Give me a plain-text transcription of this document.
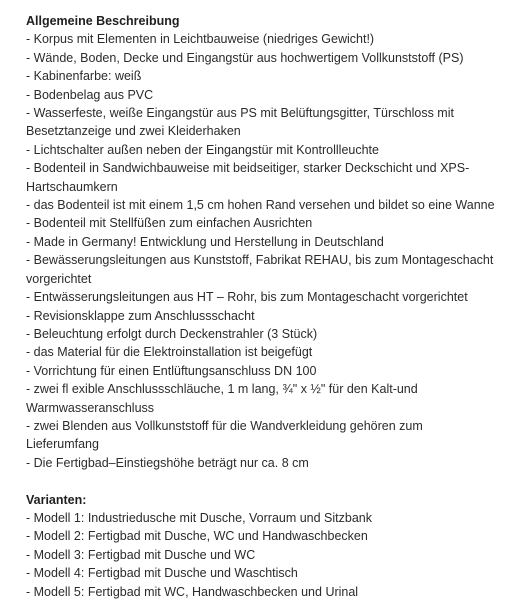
Allgemeine Beschreibung
- Korpus mit Elementen in Leichtbauweise (niedriges Gewicht!)
- Wände, Boden, Decke und Eingangstür aus hochwertigem Vollkunststoff (PS)
- Kabinenfarbe: weiß
- Bodenbelag aus PVC
- Wasserfeste, weiße Eingangstür aus PS mit Belüftungsgitter, Türschloss mit
Besetztanzeige und zwei Kleiderhaken
- Lichtschalter außen neben der Eingangstür mit Kontrollleuchte
- Bodenteil in Sandwichbauweise mit beidseitiger, starker Deckschicht und XPS-
Hartschaumkern
- das Bodenteil ist mit einem 1,5 cm hohen Rand versehen und bildet so eine Wanne
- Bodenteil mit Stellfüßen zum einfachen Ausrichten
- Made in Germany! Entwicklung und Herstellung in Deutschland
- Bewässerungsleitungen aus Kunststoff, Fabrikat REHAU, bis zum Montageschacht
vorgerichtet
- Entwässerungsleitungen aus HT – Rohr, bis zum Montageschacht vorgerichtet
- Revisionsklappe zum Anschlussschacht
- Beleuchtung erfolgt durch Deckenstrahler (3 Stück)
- das Material für die Elektroinstallation ist beigefügt
- Vorrichtung für einen Entlüftungsanschluss DN 100
- zwei fl exible Anschlussschläuche, 1 m lang, ¾" x ½" für den Kalt-und
Warmwasseranschluss
- zwei Blenden aus Vollkunststoff für die Wandverkleidung gehören zum
Lieferumfang
- Die Fertigbad–Einstiegshöhe beträgt nur ca. 8 cm
Varianten:
- Modell 1: Industriedusche mit Dusche, Vorraum und Sitzbank
- Modell 2: Fertigbad mit Dusche, WC und Handwaschbecken
- Modell 3: Fertigbad mit Dusche und WC
- Modell 4: Fertigbad mit Dusche und Waschtisch
- Modell 5: Fertigbad mit WC, Handwaschbecken und Urinal
